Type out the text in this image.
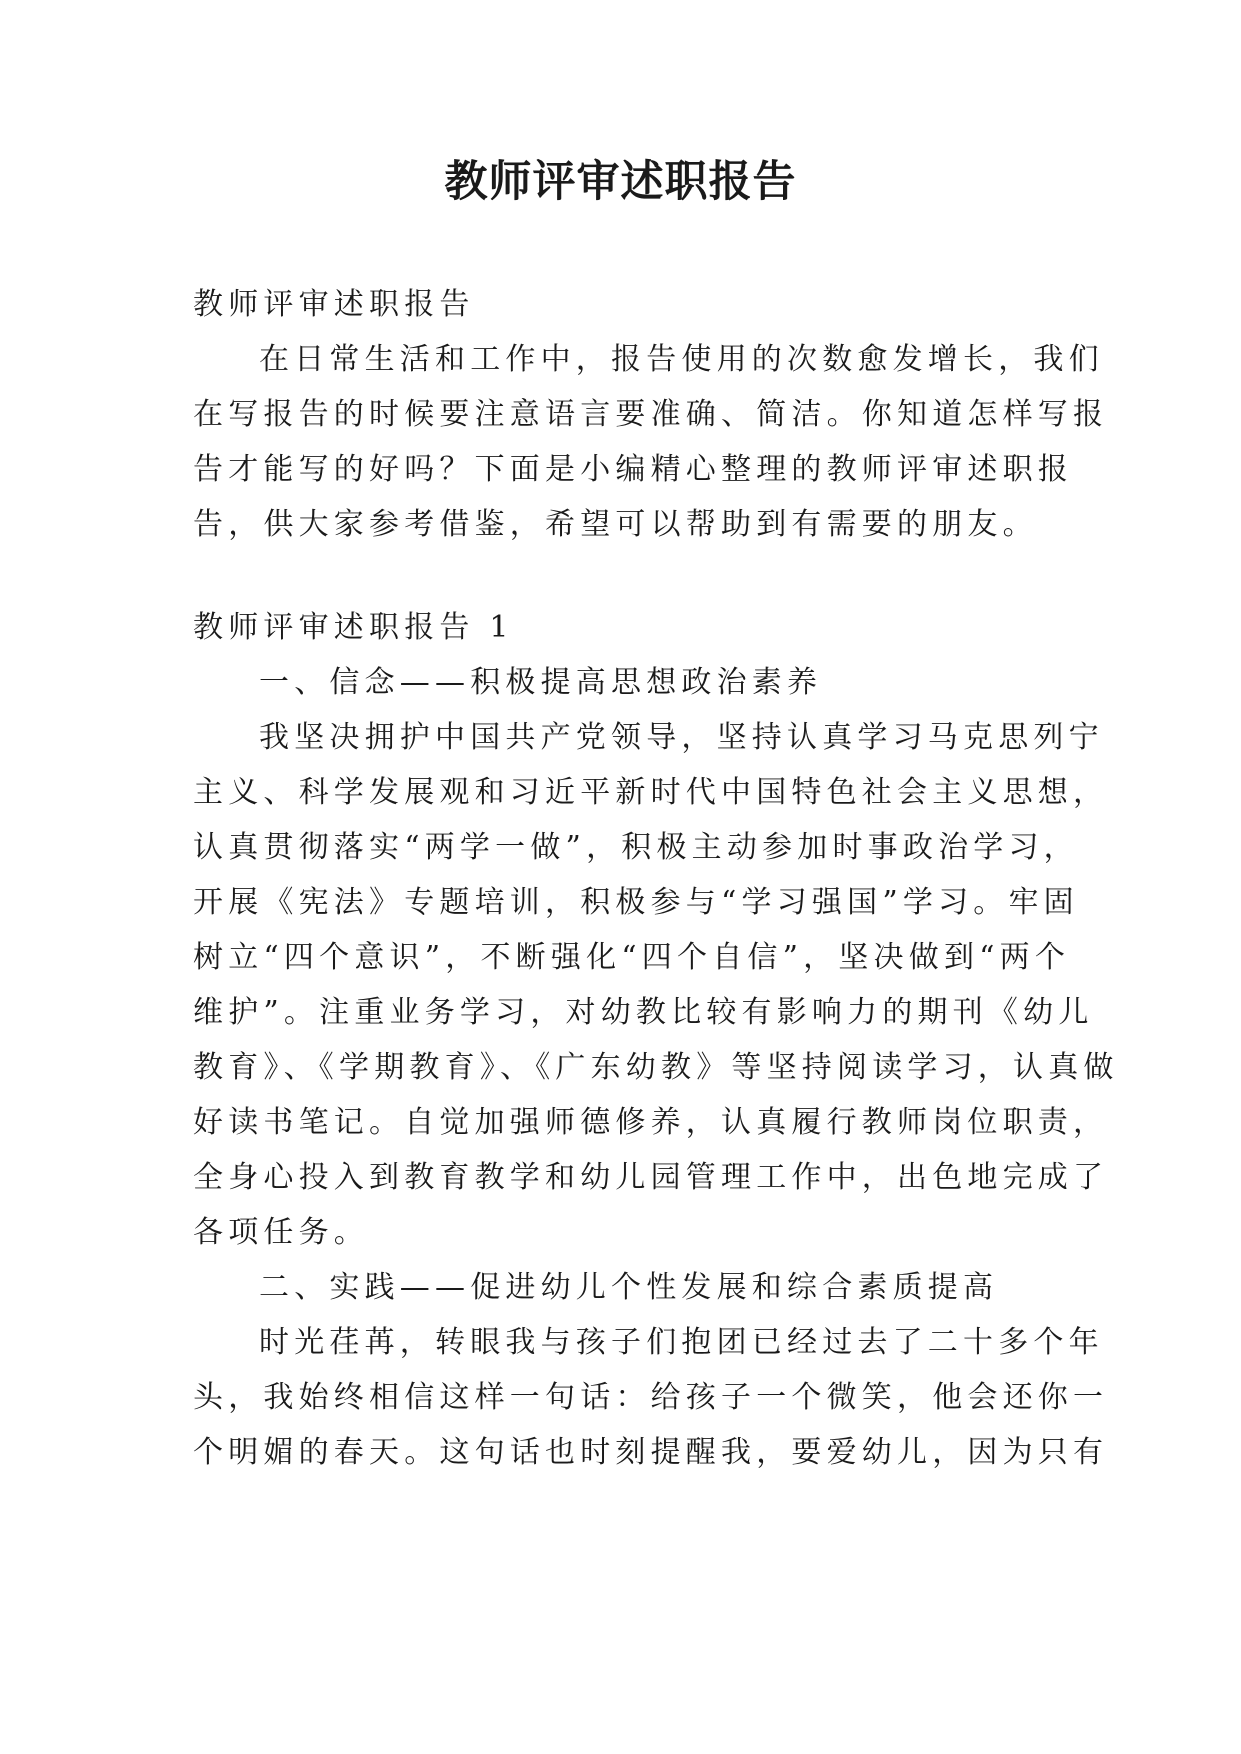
教师评审述职报告
教师评审述职报告
在日常生活和工作中，报告使用的次数愈发增长，我们
在写报告的时候要注意语言要准确、简洁。你知道怎样写报
告才能写的好吗？下面是小编精心整理的教师评审述职报
告，供大家参考借鉴，希望可以帮助到有需要的朋友。
教师评审述职报告 1
一、信念——积极提高思想政治素养
我坚决拥护中国共产党领导，坚持认真学习马克思列宁
主义、科学发展观和习近平新时代中国特色社会主义思想，
认真贯彻落实“两学一做”，积极主动参加时事政治学习，
开展《宪法》专题培训，积极参与“学习强国”学习。牢固
树立“四个意识”，不断强化“四个自信”，坚决做到“两个
维护”。注重业务学习，对幼教比较有影响力的期刊《幼儿
教育》、《学期教育》、《广东幼教》等坚持阅读学习，认真做
好读书笔记。自觉加强师德修养，认真履行教师岗位职责，
全身心投入到教育教学和幼儿园管理工作中，出色地完成了
各项任务。
二、实践——促进幼儿个性发展和综合素质提高
时光荏苒，转眼我与孩子们抱团已经过去了二十多个年
头，我始终相信这样一句话：给孩子一个微笑，他会还你一
个明媚的春天。这句话也时刻提醒我，要爱幼儿，因为只有
